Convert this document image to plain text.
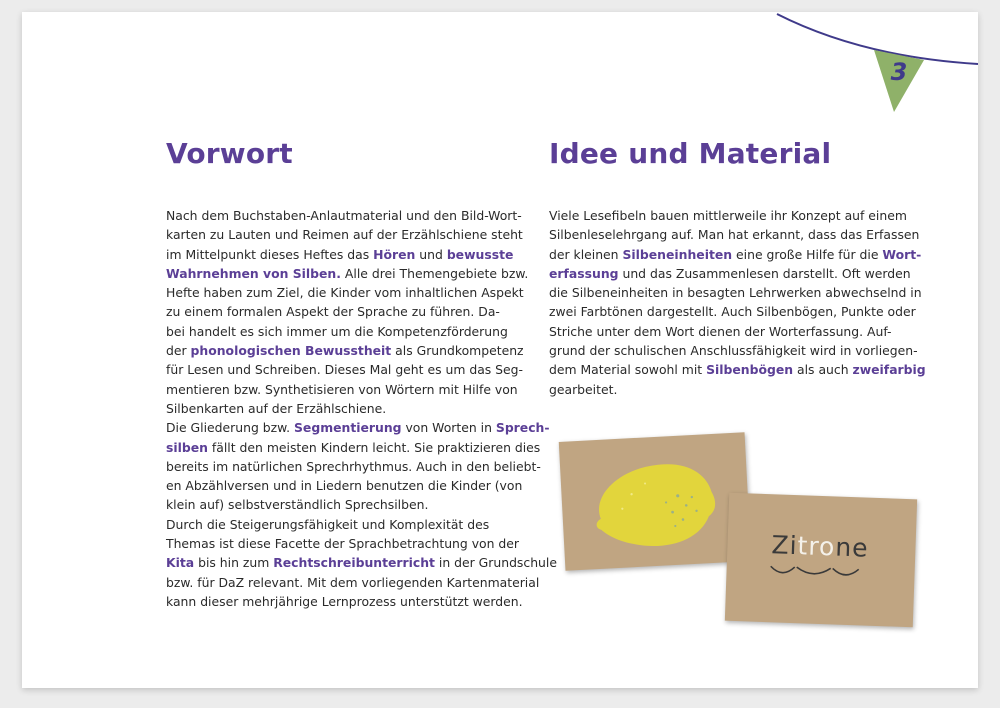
3
Vorwort
Nach dem Buchstaben-Anlautmaterial und den Bild-Wort-
karten zu Lauten und Reimen auf der Erzählschiene steht
im Mittelpunkt dieses Heftes das Hören und bewusste
Wahrnehmen von Silben. Alle drei Themengebiete bzw.
Hefte haben zum Ziel, die Kinder vom inhaltlichen Aspekt
zu einem formalen Aspekt der Sprache zu führen. Da-
bei handelt es sich immer um die Kompetenzförderung
der phonologischen Bewusstheit als Grundkompetenz
für Lesen und Schreiben. Dieses Mal geht es um das Seg-
mentieren bzw. Synthetisieren von Wörtern mit Hilfe von
Silbenkarten auf der Erzählschiene.
Die Gliederung bzw. Segmentierung von Worten in Sprech-
silben fällt den meisten Kindern leicht. Sie praktizieren dies
bereits im natürlichen Sprechrhythmus. Auch in den beliebt-
en Abzählversen und in Liedern benutzen die Kinder (von
klein auf) selbstverständlich Sprechsilben.
Durch die Steigerungsfähigkeit und Komplexität des
Themas ist diese Facette der Sprachbetrachtung von der
Kita bis hin zum Rechtschreibunterricht in der Grundschule
bzw. für DaZ relevant. Mit dem vorliegenden Kartenmaterial
kann dieser mehrjährige Lernprozess unterstützt werden.
Idee und Material
Viele Lesefibeln bauen mittlerweile ihr Konzept auf einem
Silbenleselehrgang auf. Man hat erkannt, dass das Erfassen
der kleinen Silbeneinheiten eine große Hilfe für die Wort-
erfassung und das Zusammenlesen darstellt. Oft werden
die Silbeneinheiten in besagten Lehrwerken abwechselnd in
zwei Farbtönen dargestellt. Auch Silbenbögen, Punkte oder
Striche unter dem Wort dienen der Worterfassung. Auf-
grund der schulischen Anschlussfähigkeit wird in vorliegen-
dem Material sowohl mit Silbenbögen als auch zweifarbig
gearbeitet.
Zitrone
